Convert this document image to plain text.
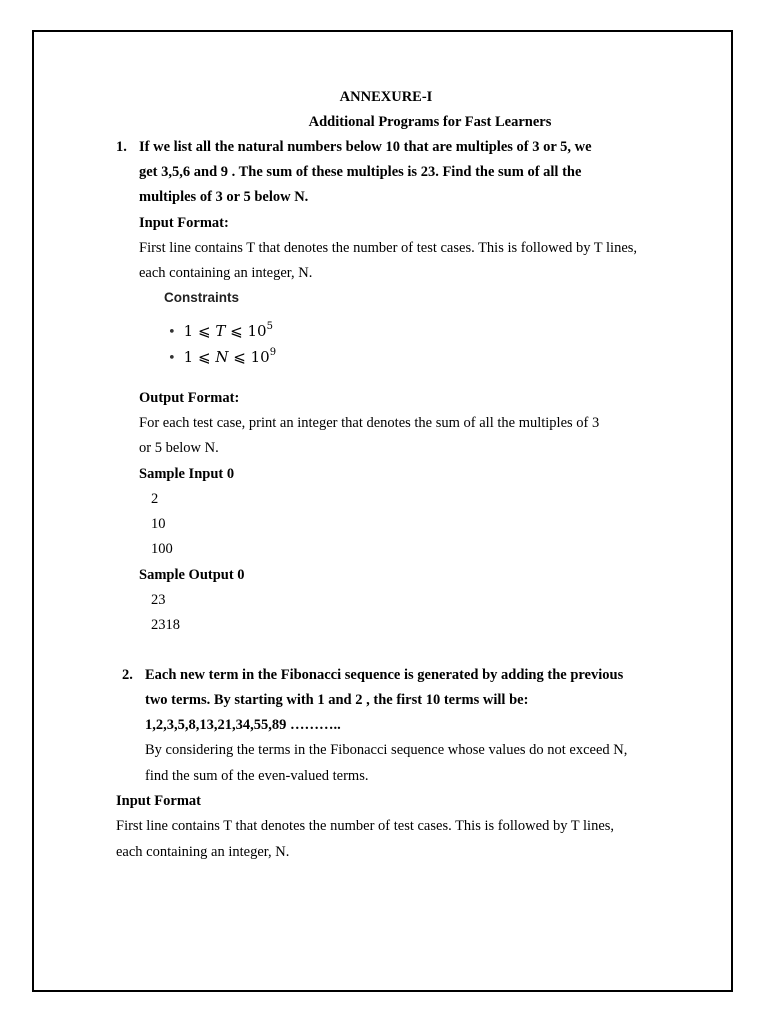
ANNEXURE-I
Additional Programs for Fast Learners
1. If we list all the natural numbers below 10 that are multiples of 3 or 5, we
get 3,5,6 and 9 . The sum of these multiples is 23. Find the sum of all the
multiples of 3 or 5 below N.
Input Format:
First line contains T that denotes the number of test cases. This is followed by T lines,
each containing an integer, N.
Constraints
• 1 ⩽ T ⩽ $10^5$
• 1 ⩽ N ⩽ $10^9$
Output Format:
For each test case, print an integer that denotes the sum of all the multiples of 3
or 5 below N.
Sample Input 0
2
10
100
Sample Output 0
23
2318
2. Each new term in the Fibonacci sequence is generated by adding the previous
two terms. By starting with 1 and 2 , the first 10 terms will be:
1,2,3,5,8,13,21,34,55,89 ………..
By considering the terms in the Fibonacci sequence whose values do not exceed N,
find the sum of the even-valued terms.
Input Format
First line contains T that denotes the number of test cases. This is followed by T lines,
each containing an integer, N.
